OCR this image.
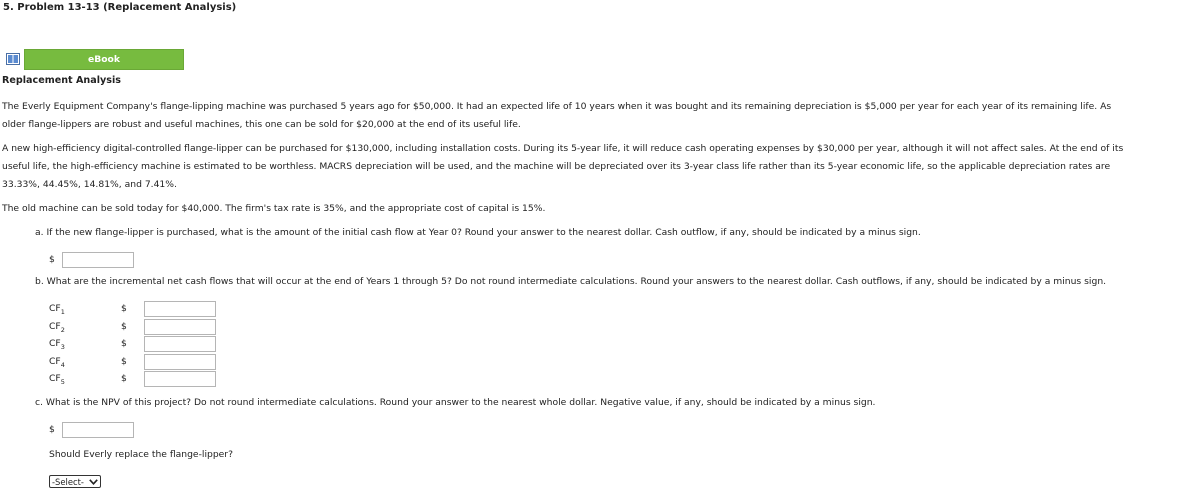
5. Problem 13-13 (Replacement Analysis)
eBook
Replacement Analysis
The Everly Equipment Company's flange-lipping machine was purchased 5 years ago for $50,000. It had an expected life of 10 years when it was bought and its remaining depreciation is $5,000 per year for each year of its remaining life. As
older flange-lippers are robust and useful machines, this one can be sold for $20,000 at the end of its useful life.
A new high-efficiency digital-controlled flange-lipper can be purchased for $130,000, including installation costs. During its 5-year life, it will reduce cash operating expenses by $30,000 per year, although it will not affect sales. At the end of its
useful life, the high-efficiency machine is estimated to be worthless. MACRS depreciation will be used, and the machine will be depreciated over its 3-year class life rather than its 5-year economic life, so the applicable depreciation rates are
33.33%, 44.45%, 14.81%, and 7.41%.
The old machine can be sold today for $40,000. The firm's tax rate is 35%, and the appropriate cost of capital is 15%.
a. If the new flange-lipper is purchased, what is the amount of the initial cash flow at Year 0? Round your answer to the nearest dollar. Cash outflow, if any, should be indicated by a minus sign.
$
b. What are the incremental net cash flows that will occur at the end of Years 1 through 5? Do not round intermediate calculations. Round your answers to the nearest dollar. Cash outflows, if any, should be indicated by a minus sign.
$CF_1$	$
$CF_2$	$
$CF_3$	$
$CF_4$	$
$CF_5$	$
c. What is the NPV of this project? Do not round intermediate calculations. Round your answer to the nearest whole dollar. Negative value, if any, should be indicated by a minus sign.
$
Should Everly replace the flange-lipper?
-Select-
